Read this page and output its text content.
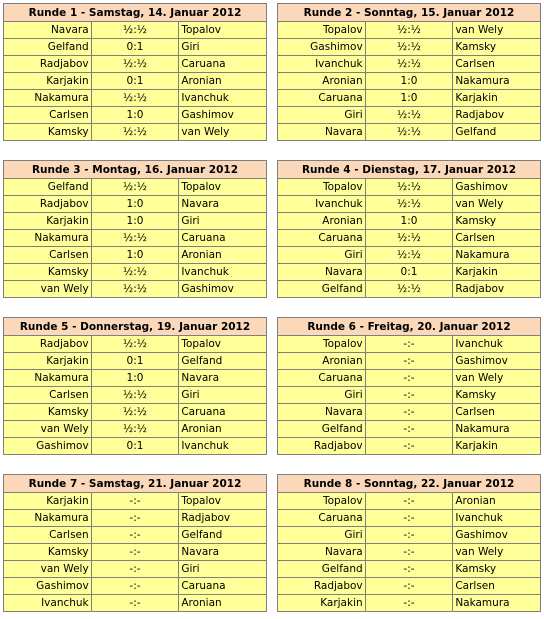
Runde 1 - Samstag, 14. Januar 2012		
Navara	½:½	Topalov
Gelfand	0:1	Giri
Radjabov	½:½	Caruana
Karjakin	0:1	Aronian
Nakamura	½:½	Ivanchuk
Carlsen	1:0	Gashimov
Kamsky	½:½	van Wely
Runde 2 - Sonntag, 15. Januar 2012		
Topalov	½:½	van Wely
Gashimov	½:½	Kamsky
Ivanchuk	½:½	Carlsen
Aronian	1:0	Nakamura
Caruana	1:0	Karjakin
Giri	½:½	Radjabov
Navara	½:½	Gelfand
Runde 3 - Montag, 16. Januar 2012		
Gelfand	½:½	Topalov
Radjabov	1:0	Navara
Karjakin	1:0	Giri
Nakamura	½:½	Caruana
Carlsen	1:0	Aronian
Kamsky	½:½	Ivanchuk
van Wely	½:½	Gashimov
Runde 4 - Dienstag, 17. Januar 2012		
Topalov	½:½	Gashimov
Ivanchuk	½:½	van Wely
Aronian	1:0	Kamsky
Caruana	½:½	Carlsen
Giri	½:½	Nakamura
Navara	0:1	Karjakin
Gelfand	½:½	Radjabov
Runde 5 - Donnerstag, 19. Januar 2012		
Radjabov	½:½	Topalov
Karjakin	0:1	Gelfand
Nakamura	1:0	Navara
Carlsen	½:½	Giri
Kamsky	½:½	Caruana
van Wely	½:½	Aronian
Gashimov	0:1	Ivanchuk
Runde 6 - Freitag, 20. Januar 2012		
Topalov	-:-	Ivanchuk
Aronian	-:-	Gashimov
Caruana	-:-	van Wely
Giri	-:-	Kamsky
Navara	-:-	Carlsen
Gelfand	-:-	Nakamura
Radjabov	-:-	Karjakin
Runde 7 - Samstag, 21. Januar 2012		
Karjakin	-:-	Topalov
Nakamura	-:-	Radjabov
Carlsen	-:-	Gelfand
Kamsky	-:-	Navara
van Wely	-:-	Giri
Gashimov	-:-	Caruana
Ivanchuk	-:-	Aronian
Runde 8 - Sonntag, 22. Januar 2012		
Topalov	-:-	Aronian
Caruana	-:-	Ivanchuk
Giri	-:-	Gashimov
Navara	-:-	van Wely
Gelfand	-:-	Kamsky
Radjabov	-:-	Carlsen
Karjakin	-:-	Nakamura
